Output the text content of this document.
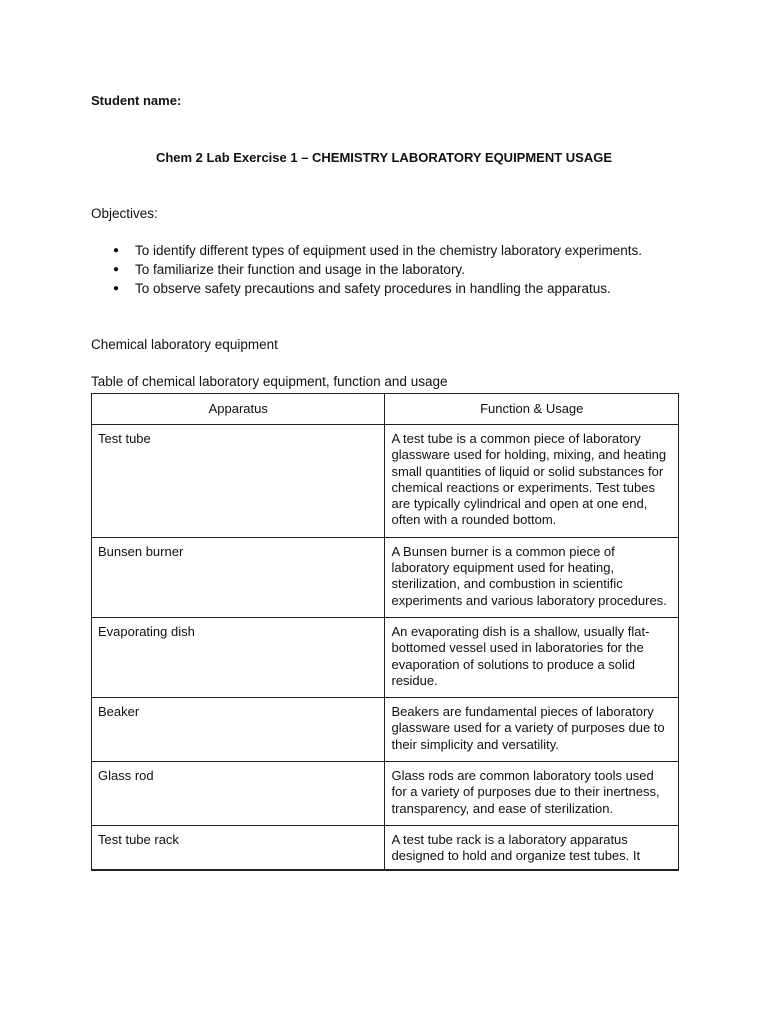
Student name:
Chem 2 Lab Exercise 1 – CHEMISTRY LABORATORY EQUIPMENT USAGE
Objectives:
● To identify different types of equipment used in the chemistry laboratory experiments.
● To familiarize their function and usage in the laboratory.
● To observe safety precautions and safety procedures in handling the apparatus.
Chemical laboratory equipment
Table of chemical laboratory equipment, function and usage
Apparatus	Function & Usage
Test tube	A test tube is a common piece of laboratory glassware used for holding, mixing, and heating small quantities of liquid or solid substances for chemical reactions or experiments. Test tubes are typically cylindrical and open at one end, often with a rounded bottom.
Bunsen burner	A Bunsen burner is a common piece of laboratory equipment used for heating, sterilization, and combustion in scientific experiments and various laboratory procedures.
Evaporating dish	An evaporating dish is a shallow, usually flat-bottomed vessel used in laboratories for the evaporation of solutions to produce a solid residue.
Beaker	Beakers are fundamental pieces of laboratory glassware used for a variety of purposes due to their simplicity and versatility.
Glass rod	Glass rods are common laboratory tools used for a variety of purposes due to their inertness, transparency, and ease of sterilization.
Test tube rack	A test tube rack is a laboratory apparatus designed to hold and organize test tubes. It
